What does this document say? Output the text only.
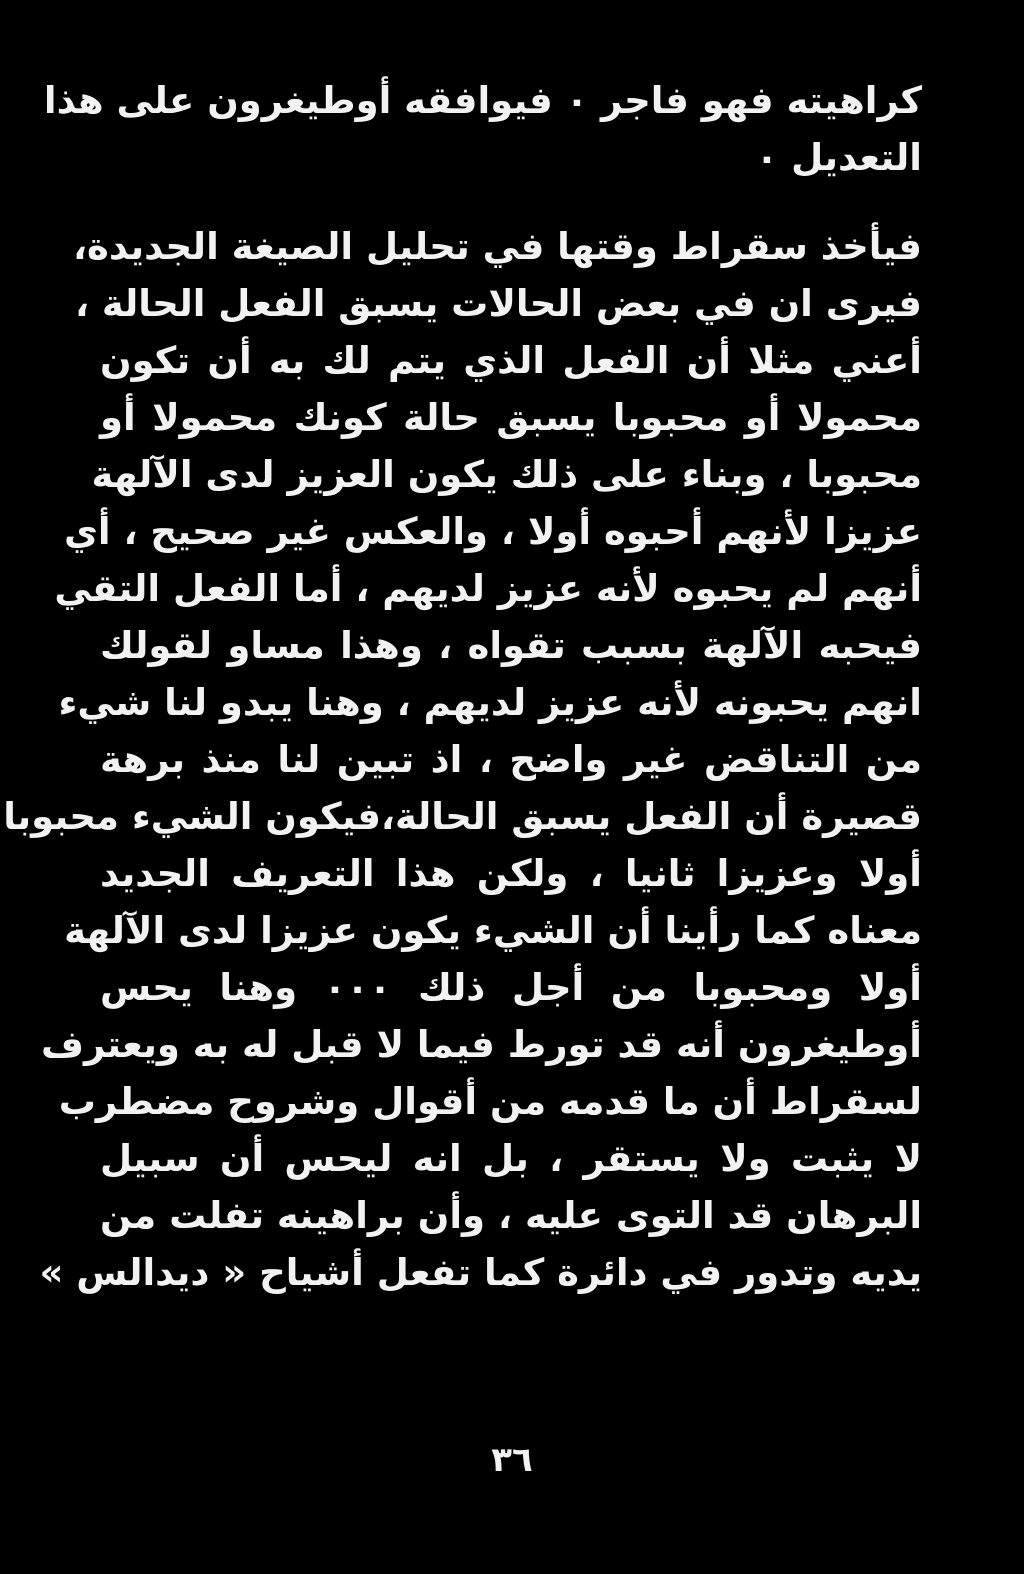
كراهيته فهو فاجر ٠ فيوافقه أوطيغرون على هذا
التعديل ٠
فيأخذ سقراط وقتها في تحليل الصيغة الجديدة،
فيرى ان في بعض الحالات يسبق الفعل الحالة ،
أعني مثلا أن الفعل الذي يتم لك به أن تكون
محمولا أو محبوبا يسبق حالة كونك محمولا أو
محبوبا ، وبناء على ذلك يكون العزيز لدى الآلهة
عزيزا لأنهم أحبوه أولا ، والعكس غير صحيح ، أي
أنهم لم يحبوه لأنه عزيز لديهم ، أما الفعل التقي
فيحبه الآلهة بسبب تقواه ، وهذا مساو لقولك
انهم يحبونه لأنه عزيز لديهم ، وهنا يبدو لنا شيء
من التناقض غير واضح ، اذ تبين لنا منذ برهة
قصيرة أن الفعل يسبق الحالة،فيكون الشيء محبوبا
أولا وعزيزا ثانيا ، ولكن هذا التعريف الجديد
معناه كما رأينا أن الشيء يكون عزيزا لدى الآلهة
أولا ومحبوبا من أجل ذلك ٠٠٠ وهنا يحس
أوطيغرون أنه قد تورط فيما لا قبل له به ويعترف
لسقراط أن ما قدمه من أقوال وشروح مضطرب
لا يثبت ولا يستقر ، بل انه ليحس أن سبيل
البرهان قد التوى عليه ، وأن براهينه تفلت من
يديه وتدور في دائرة كما تفعل أشياح « ديدالس »
٣٦
